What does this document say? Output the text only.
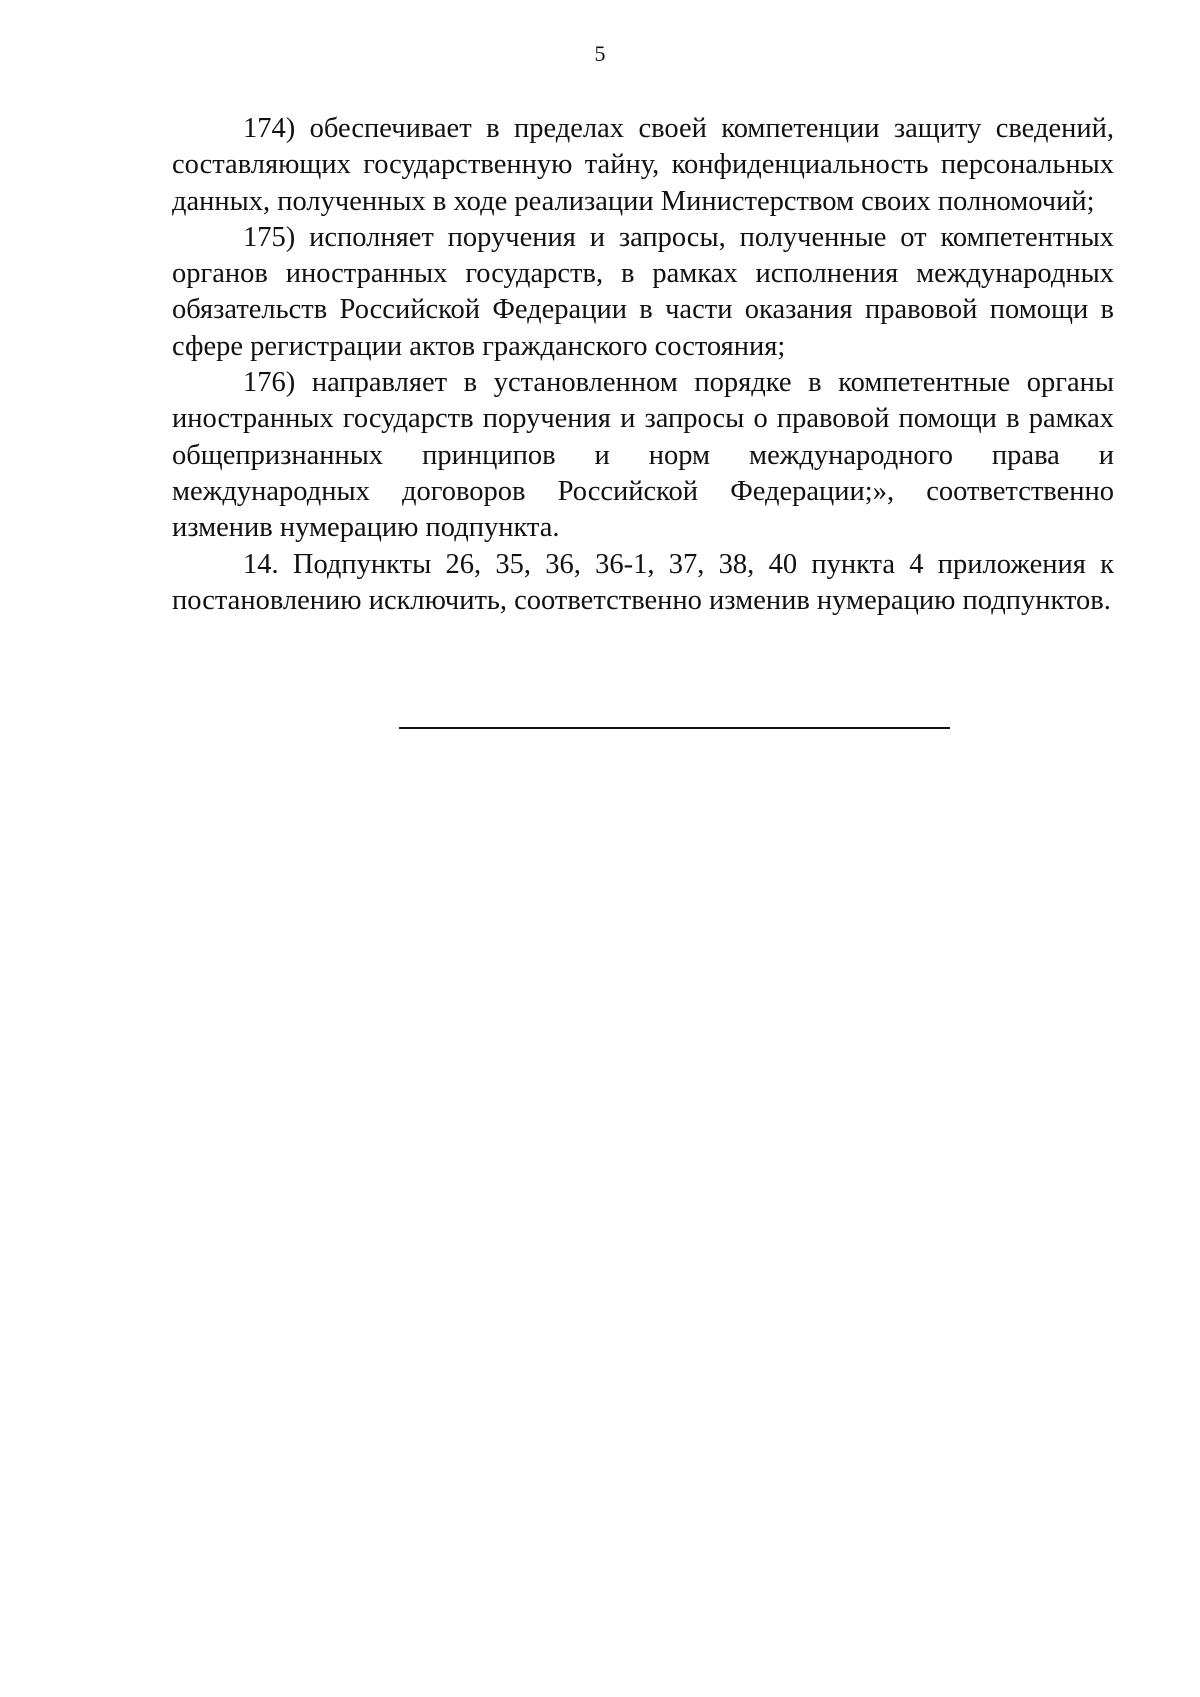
5

174) обеспечивает в пределах своей компетенции защиту сведений, составляющих государственную тайну, конфиденциальность персональных данных, полученных в ходе реализации Министерством своих полномочий;

175) исполняет поручения и запросы, полученные от компетентных органов иностранных государств, в рамках исполнения международных обязательств Российской Федерации в части оказания правовой помощи в сфере регистрации актов гражданского состояния;

176) направляет в установленном порядке в компетентные органы иностранных государств поручения и запросы о правовой помощи в рамках общепризнанных принципов и норм международного права и международных договоров Российской Федерации;», соответственно изменив нумерацию подпункта.

14. Подпункты 26, 35, 36, 36-1, 37, 38, 40 пункта 4 приложения к постановлению исключить, соответственно изменив нумерацию подпунктов.
